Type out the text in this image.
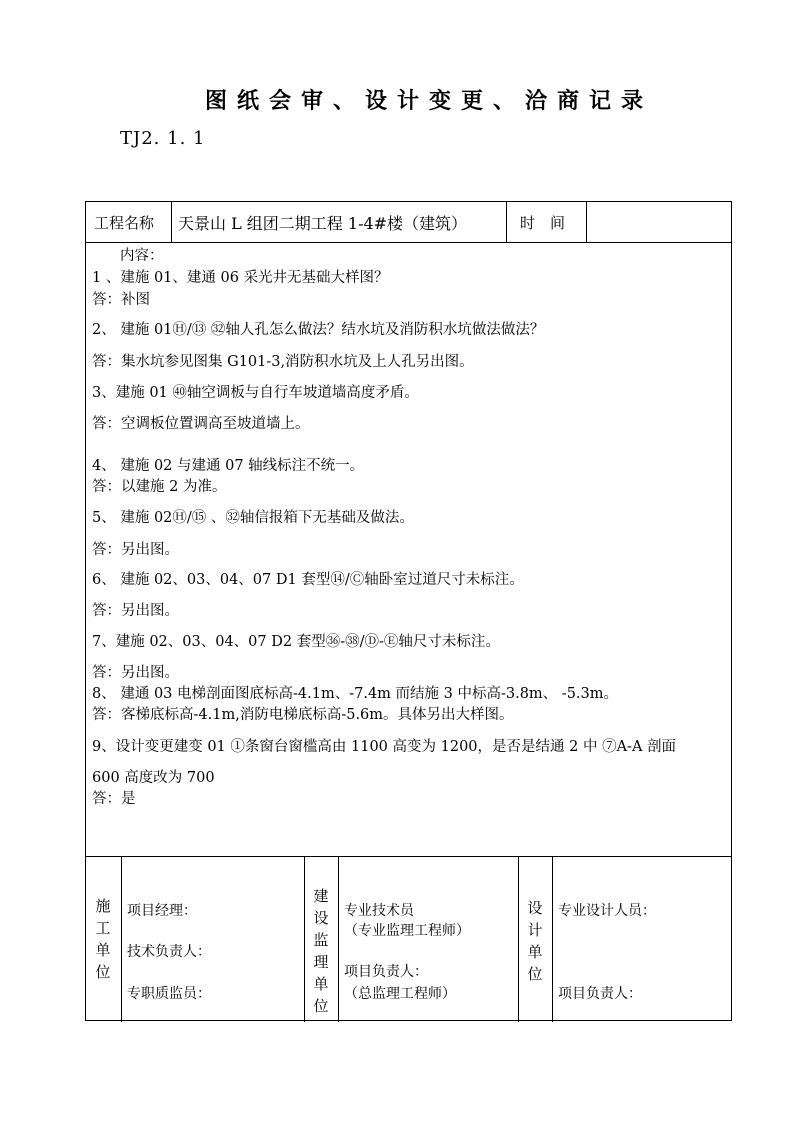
图纸会审、设计变更、洽商记录
TJ2. 1. 1
工程名称 天景山 L 组团二期工程 1-4#楼（建筑）	时　间
内容：
1 、建施 01、建通 06 采光井无基础大样图？
答：补图
2、 建施 01Ⓗ/⑬ ㉜轴人孔怎么做法？结水坑及消防积水坑做法做法？
答：集水坑参见图集 G101-3,消防积水坑及上人孔另出图。
3、建施 01 ㊵轴空调板与自行车坡道墙高度矛盾。
答：空调板位置调高至坡道墙上。
4、 建施 02 与建通 07 轴线标注不统一。
答：以建施 2 为准。
5、 建施 02Ⓗ/⑮ 、㉜轴信报箱下无基础及做法。
答：另出图。
6、 建施 02、03、04、07 D1 套型⑭/Ⓒ轴卧室过道尺寸未标注。
答：另出图。
7、建施 02、03、04、07 D2 套型㊱-㊳/Ⓓ-Ⓔ轴尺寸未标注。
答：另出图。
8、 建通 03 电梯剖面图底标高-4.1m、-7.4m 而结施 3 中标高-3.8m、 -5.3m。
答：客梯底标高-4.1m,消防电梯底标高-5.6m。具体另出大样图。
9、设计变更建变 01 ①条窗台窗槛高由 1100 高变为 1200，是否是结通 2 中 ⑦A-A 剖面
600 高度改为 700
答：是
施工单位
项目经理：
技术负责人：
专职质监员：
建设监理单位
专业技术员
（专业监理工程师）
项目负责人：
（总监理工程师）
设计单位
专业设计人员：
项目负责人：
